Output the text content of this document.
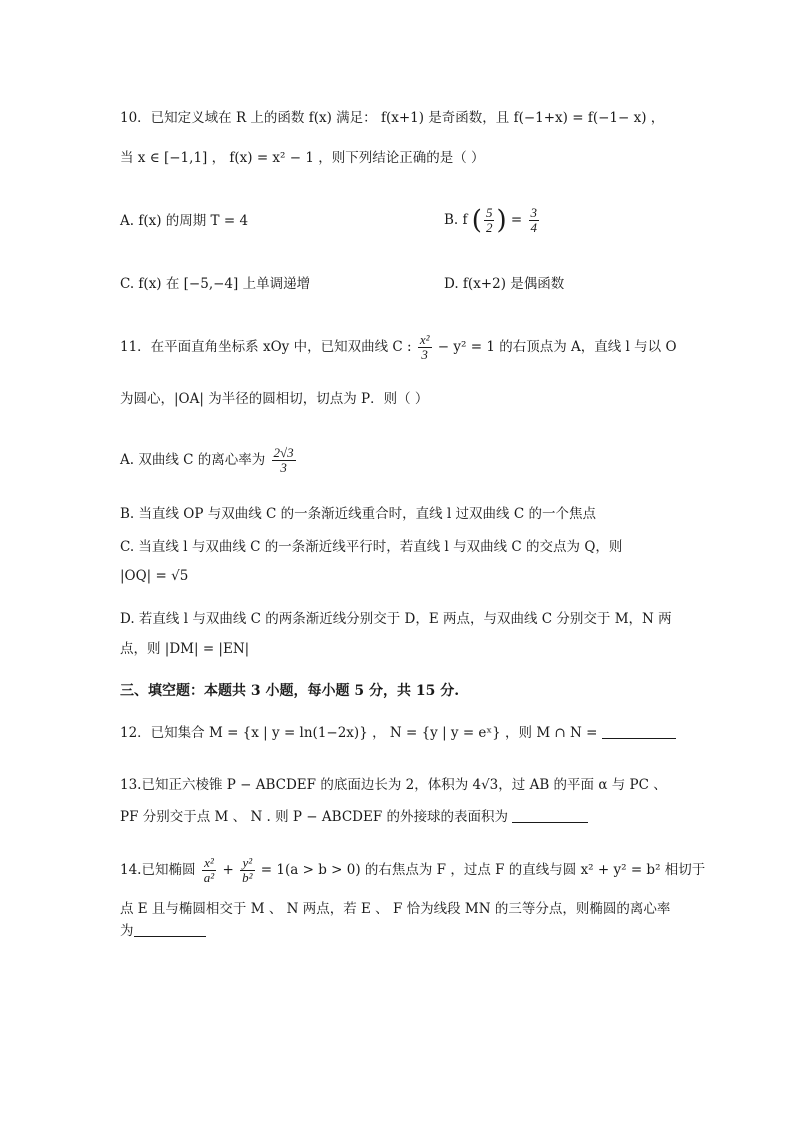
10．已知定义域在 R 上的函数 f(x) 满足： f(x+1) 是奇函数，且 f(−1+x) = f(−1− x) ，
当 x ∈ [−1,1] ， f(x) = x² − 1 ，则下列结论正确的是（ ）
A. f(x) 的周期 T = 4	B. f ( $\frac{5}{2}$ ) = $\frac{3}{4}$
C. f(x) 在 [−5,−4] 上单调递增	D. f(x+2) 是偶函数
11．在平面直角坐标系 xOy 中，已知双曲线 C : $\frac{\text{x²}}{3} - y^2 = 1$ 的右顶点为 A，直线 l 与以 O
为圆心，|OA| 为半径的圆相切，切点为 P．则（ ）
A. 双曲线 C 的离心率为 $\frac{2√3}{3}$
B. 当直线 OP 与双曲线 C 的一条渐近线重合时，直线 l 过双曲线 C 的一个焦点
C. 当直线 l 与双曲线 C 的一条渐近线平行时，若直线 l 与双曲线 C 的交点为 Q，则
|OQ| = √5
D. 若直线 l 与双曲线 C 的两条渐近线分别交于 D，E 两点，与双曲线 C 分别交于 M，N 两
点，则 |DM| = |EN|
三、填空题：本题共 3 小题，每小题 5 分，共 15 分.
12．已知集合 M = {x | y = ln(1−2x)} ， N = {y | y = eˣ} ，则 M ∩ N =
13.已知正六棱锥 P − ABCDEF 的底面边长为 2，体积为 4√3，过 AB 的平面 α 与 PC 、
PF 分别交于点 M 、 N . 则 P − ABCDEF 的外接球的表面积为
14.已知椭圆 $\frac{\text{x²}}{\text{a²}} + \frac{\text{y²}}{\text{b²}} = 1(a > b > 0)$ 的右焦点为 F ，过点 F 的直线与圆 x² + y² = b² 相切于
点 E 且与椭圆相交于 M 、 N 两点，若 E 、 F 恰为线段 MN 的三等分点，则椭圆的离心率
为
